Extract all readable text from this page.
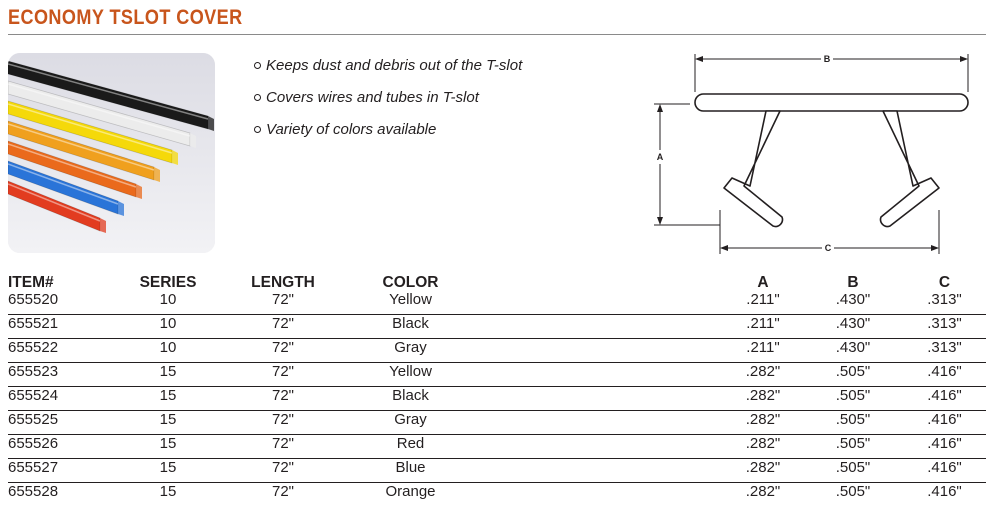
ECONOMY TSLOT COVER
Keeps dust and debris out of the T-slot
Covers wires and tubes in T-slot
Variety of colors available
B
A
C
ITEM#	SERIES	LENGTH	COLOR		A	B	C
655520	10	72"	Yellow		.211"	.430"	.313"
655521	10	72"	Black		.211"	.430"	.313"
655522	10	72"	Gray		.211"	.430"	.313"
655523	15	72"	Yellow		.282"	.505"	.416"
655524	15	72"	Black		.282"	.505"	.416"
655525	15	72"	Gray		.282"	.505"	.416"
655526	15	72"	Red		.282"	.505"	.416"
655527	15	72"	Blue		.282"	.505"	.416"
655528	15	72"	Orange		.282"	.505"	.416"
